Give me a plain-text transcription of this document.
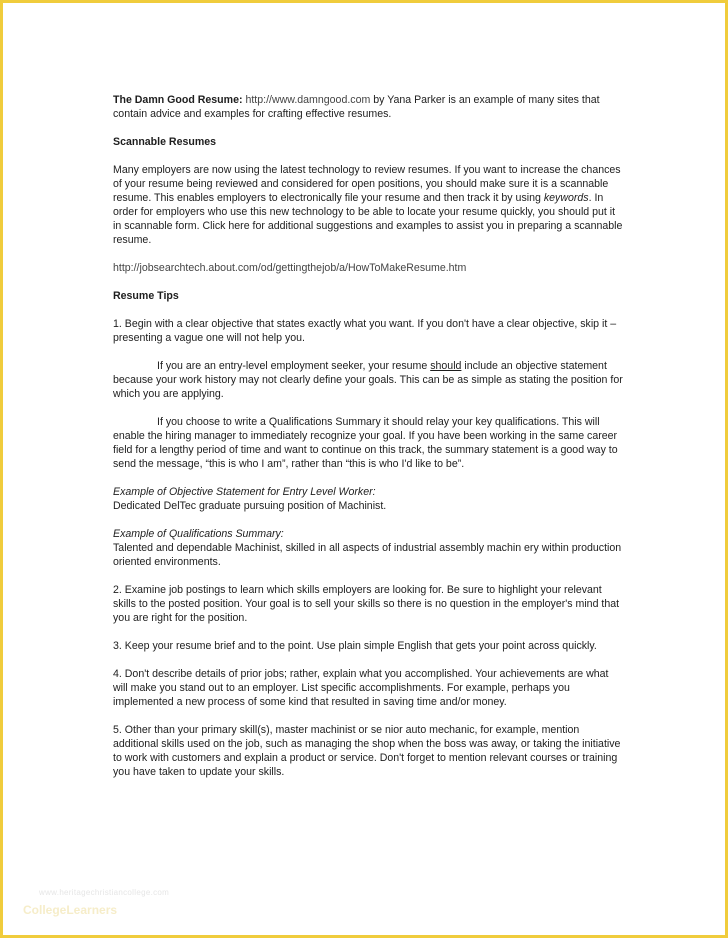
The Damn Good Resume: http://www.damngood.com by Yana Parker is an example of many sites that contain advice and examples for crafting effective resumes.

Scannable Resumes

Many employers are now using the latest technology to review resumes. If you want to increase the chances of your resume being reviewed and considered for open positions, you should make sure it is a scannable resume. This enables employers to electronically file your resume and then track it by using keywords. In order for employers who use this new technology to be able to locate your resume quickly, you should put it in scannable form. Click here for additional suggestions and examples to assist you in preparing a scannable resume.

http://jobsearchtech.about.com/od/gettingthejob/a/HowToMakeResume.htm

Resume Tips

1. Begin with a clear objective that states exactly what you want. If you don't have a clear objective, skip it – presenting a vague one will not help you.

If you are an entry-level employment seeker, your resume should include an objective statement because your work history may not clearly define your goals. This can be as simple as stating the position for which you are applying.

If you choose to write a Qualifications Summary it should relay your key qualifications. This will enable the hiring manager to immediately recognize your goal. If you have been working in the same career field for a lengthy period of time and want to continue on this track, the summary statement is a good way to send the message, “this is who I am”, rather than “this is who I'd like to be”.

Example of Objective Statement for Entry Level Worker:

Dedicated DelTec graduate pursuing position of Machinist.

Example of Qualifications Summary:

Talented and dependable Machinist, skilled in all aspects of industrial assembly machin ery within production oriented environments.

2. Examine job postings to learn which skills employers are looking for. Be sure to highlight your relevant skills to the posted position. Your goal is to sell your skills so there is no question in the employer's mind that you are right for the position.

3. Keep your resume brief and to the point. Use plain simple English that gets your point across quickly.

4. Don't describe details of prior jobs; rather, explain what you accomplished. Your achievements are what will make you stand out to an employer. List specific accomplishments. For example, perhaps you implemented a new process of some kind that resulted in saving time and/or money.

5. Other than your primary skill(s), master machinist or se nior auto mechanic, for example, mention additional skills used on the job, such as managing the shop when the boss was away, or taking the initiative to work with customers and explain a product or service. Don't forget to mention relevant courses or training you have taken to update your skills.

www.heritagechristiancollege.com
CollegeLearners
